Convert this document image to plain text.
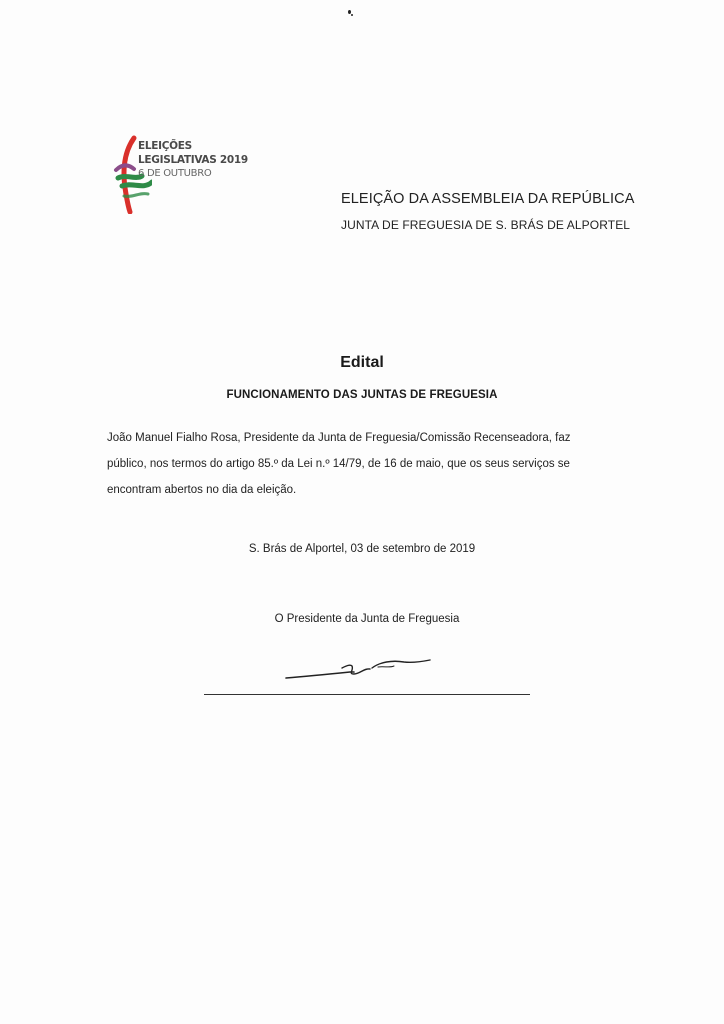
ELEIÇÕES
LEGISLATIVAS 2019
6 DE OUTUBRO
ELEIÇÃO DA ASSEMBLEIA DA REPÚBLICA
JUNTA DE FREGUESIA DE S. BRÁS DE ALPORTEL
Edital
FUNCIONAMENTO DAS JUNTAS DE FREGUESIA
João Manuel Fialho Rosa, Presidente da Junta de Freguesia/Comissão Recenseadora, faz
público, nos termos do artigo 85.º da Lei n.º 14/79, de 16 de maio, que os seus serviços se
encontram abertos no dia da eleição.
S. Brás de Alportel, 03 de setembro de 2019
O Presidente da Junta de Freguesia
